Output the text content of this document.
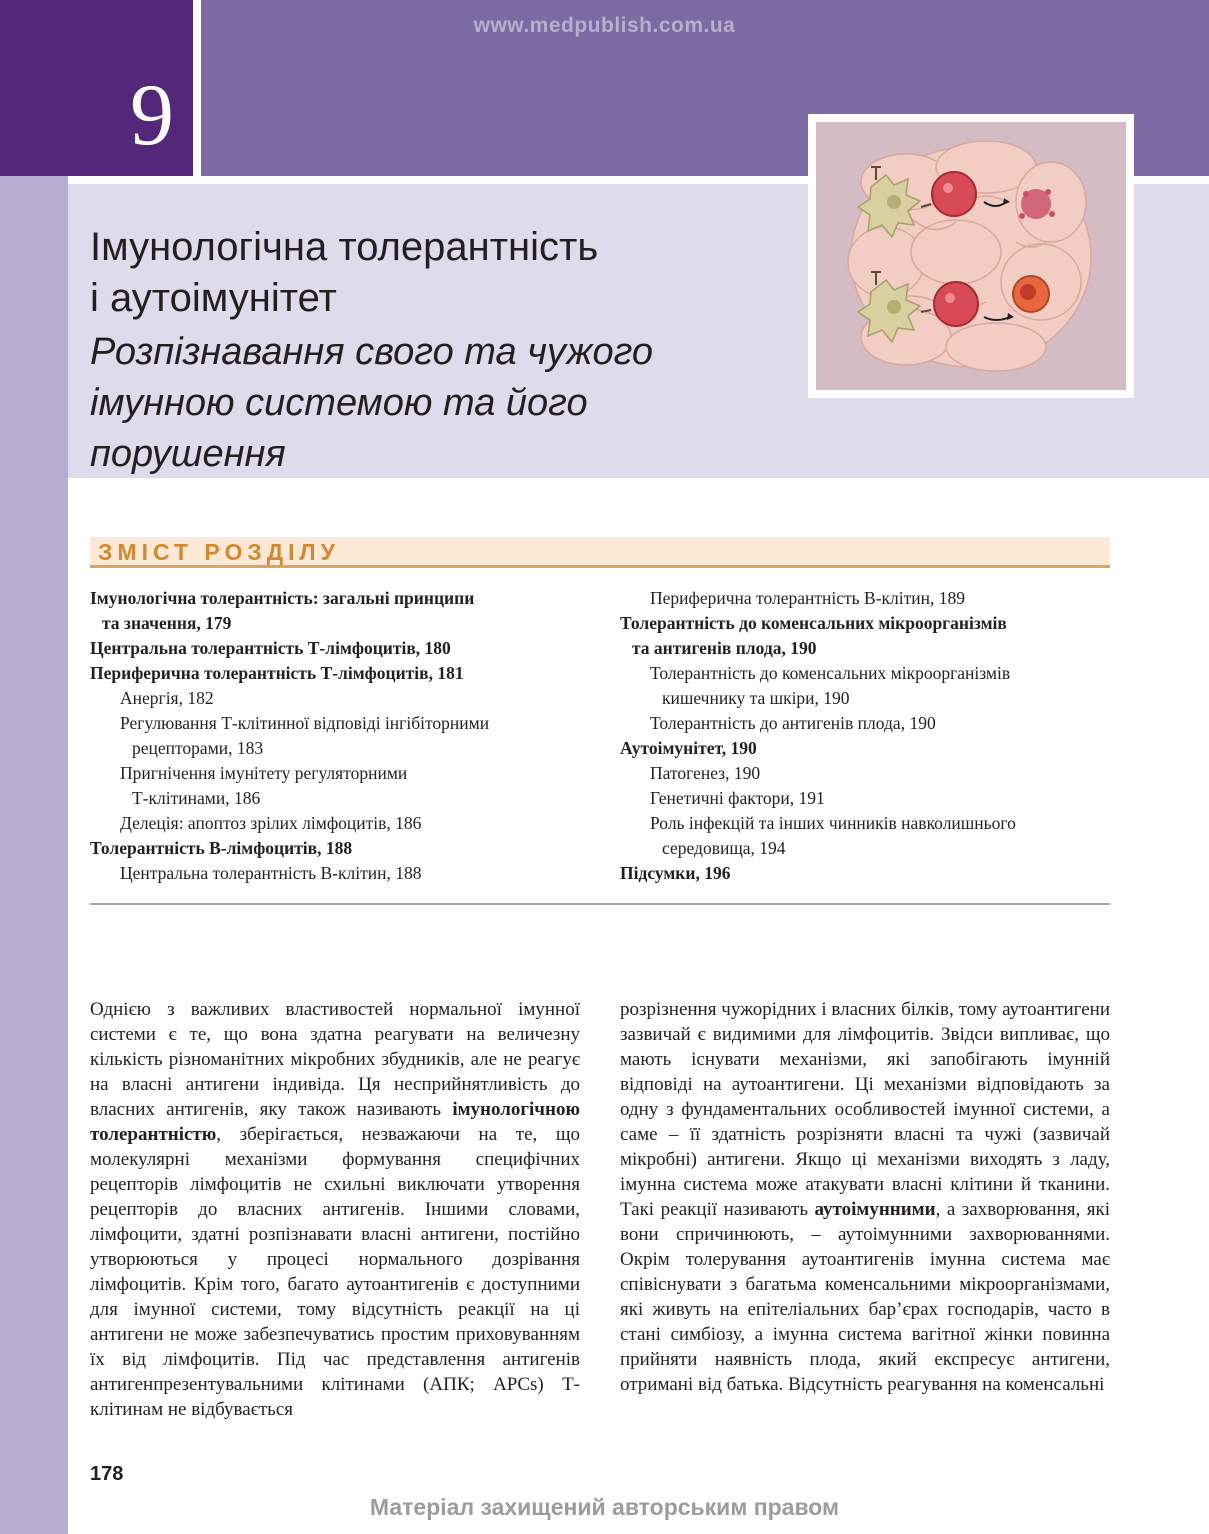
www.medpublish.com.ua
9
Імунологічна толерантність
і аутоімунітет
Розпізнавання свого та чужого
імунною системою та його
порушення
ЗМІСТ РОЗДІЛУ
Імунологічна толерантність: загальні принципи
та значення, 179
Центральна толерантність Т-лімфоцитів, 180
Периферична толерантність Т-лімфоцитів, 181
Анергія, 182
Регулювання Т-клітинної відповіді інгібіторними
рецепторами, 183
Пригнічення імунітету регуляторними
Т-клітинами, 186
Делеція: апоптоз зрілих лімфоцитів, 186
Толерантність В-лімфоцитів, 188
Центральна толерантність В-клітин, 188
Периферична толерантність В-клітин, 189
Толерантність до коменсальних мікроорганізмів
та антигенів плода, 190
Толерантність до коменсальних мікроорганізмів
кишечнику та шкіри, 190
Толерантність до антигенів плода, 190
Аутоімунітет, 190
Патогенез, 190
Генетичні фактори, 191
Роль інфекцій та інших чинників навколишнього
середовища, 194
Підсумки, 196

Однією з важливих властивостей нормальної імунної системи є те, що вона здатна реагувати на величезну кількість різноманітних мікробних збудників, але не реагує на власні антигени індивіда. Ця несприйнятливість до власних антигенів, яку також називають імунологічною толерантністю, зберігається, незважаючи на те, що молекулярні механізми формування специфічних рецепторів лімфоцитів не схильні виключати утворення рецепторів до власних антигенів. Іншими словами, лімфоцити, здатні розпізнавати власні антигени, постійно утворюються у процесі нормального дозрівання лімфоцитів. Крім того, багато аутоантигенів є доступними для імунної системи, тому відсутність реакції на ці антигени не може забезпечуватись простим приховуванням їх від лімфоцитів. Під час представлення антигенів антигенпрезентувальними клітинами (АПК; APCs) Т-клітинам не відбувається

розрізнення чужорідних і власних білків, тому аутоантигени зазвичай є видимими для лімфоцитів. Звідси випливає, що мають існувати механізми, які запобігають імунній відповіді на аутоантигени. Ці механізми відповідають за одну з фундаментальних особливостей імунної системи, а саме – її здатність розрізняти власні та чужі (зазвичай мікробні) антигени. Якщо ці механізми виходять з ладу, імунна система може атакувати власні клітини й тканини. Такі реакції називають аутоімунними, а захворювання, які вони спричинюють, – аутоімунними захворюваннями. Окрім толерування аутоантигенів імунна система має співіснувати з багатьма коменсальними мікроорганізмами, які живуть на епітеліальних бар’єрах господарів, часто в стані симбіозу, а імунна система вагітної жінки повинна прийняти наявність плода, який експресує антигени, отримані від батька. Відсутність реагування на коменсальні

178
Матеріал захищений авторським правом
